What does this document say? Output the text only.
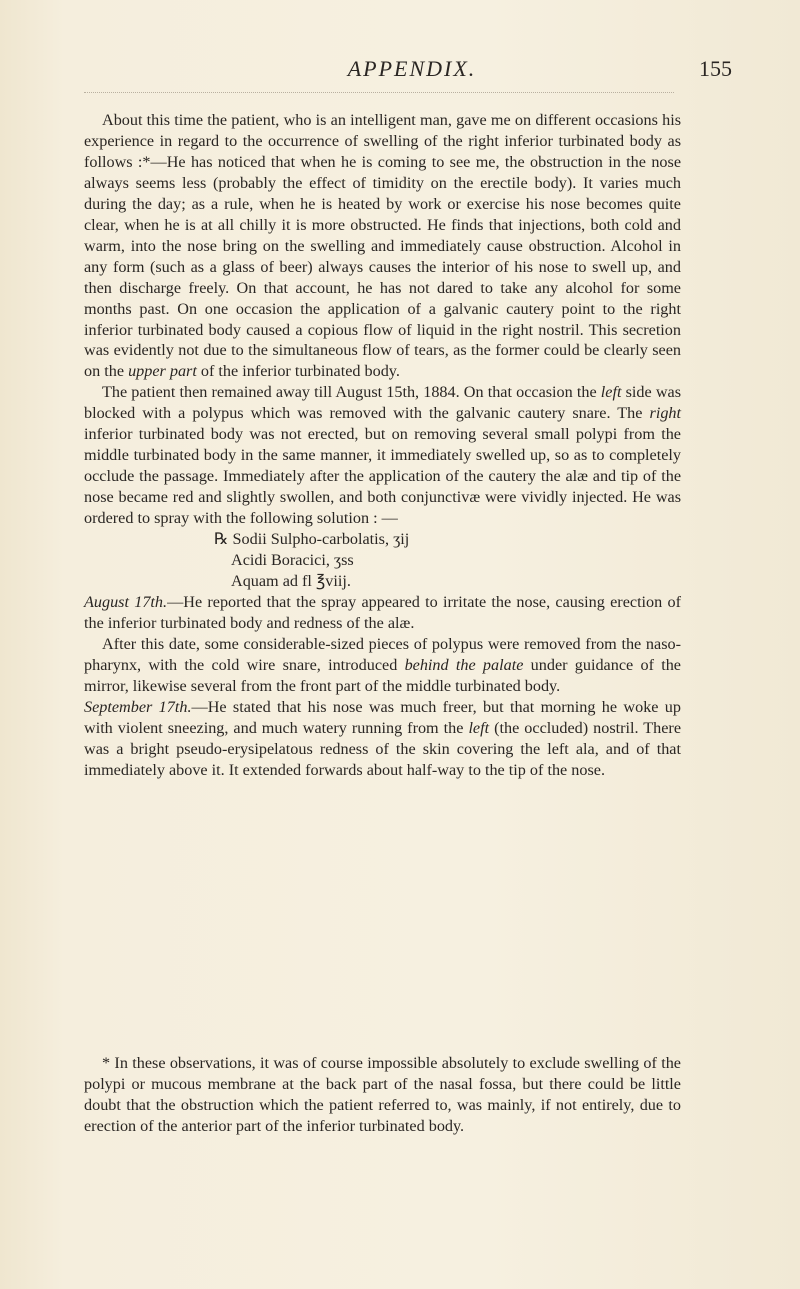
APPENDIX.	155

About this time the patient, who is an intelligent man, gave me on different occasions his experience in regard to the occurrence of swelling of the right inferior turbinated body as follows :*—He has noticed that when he is coming to see me, the obstruction in the nose always seems less (probably the effect of timidity on the erectile body). It varies much during the day; as a rule, when he is heated by work or exercise his nose becomes quite clear, when he is at all chilly it is more obstructed. He finds that injections, both cold and warm, into the nose bring on the swelling and immediately cause obstruction. Alcohol in any form (such as a glass of beer) always causes the interior of his nose to swell up, and then discharge freely. On that account, he has not dared to take any alcohol for some months past. On one occasion the application of a galvanic cautery point to the right inferior turbinated body caused a copious flow of liquid in the right nostril. This secretion was evidently not due to the simultaneous flow of tears, as the former could be clearly seen on the upper part of the inferior turbinated body.

The patient then remained away till August 15th, 1884. On that occasion the left side was blocked with a polypus which was removed with the galvanic cautery snare. The right inferior turbinated body was not erected, but on removing several small polypi from the middle turbinated body in the same manner, it immediately swelled up, so as to completely occlude the passage. Immediately after the application of the cautery the alæ and tip of the nose became red and slightly swollen, and both conjunctivæ were vividly injected. He was ordered to spray with the following solution : —

℞ Sodii Sulpho-carbolatis, ʒij
Acidi Boracici, ʒss
Aquam ad fl ℥viij.

August 17th.—He reported that the spray appeared to irritate the nose, causing erection of the inferior turbinated body and redness of the alæ.

After this date, some considerable-sized pieces of polypus were removed from the naso-pharynx, with the cold wire snare, introduced behind the palate under guidance of the mirror, likewise several from the front part of the middle turbinated body.

September 17th.—He stated that his nose was much freer, but that morning he woke up with violent sneezing, and much watery running from the left (the occluded) nostril. There was a bright pseudo-erysipelatous redness of the skin covering the left ala, and of that immediately above it. It extended forwards about half-way to the tip of the nose.

* In these observations, it was of course impossible absolutely to exclude swelling of the polypi or mucous membrane at the back part of the nasal fossa, but there could be little doubt that the obstruction which the patient referred to, was mainly, if not entirely, due to erection of the anterior part of the inferior turbinated body.
